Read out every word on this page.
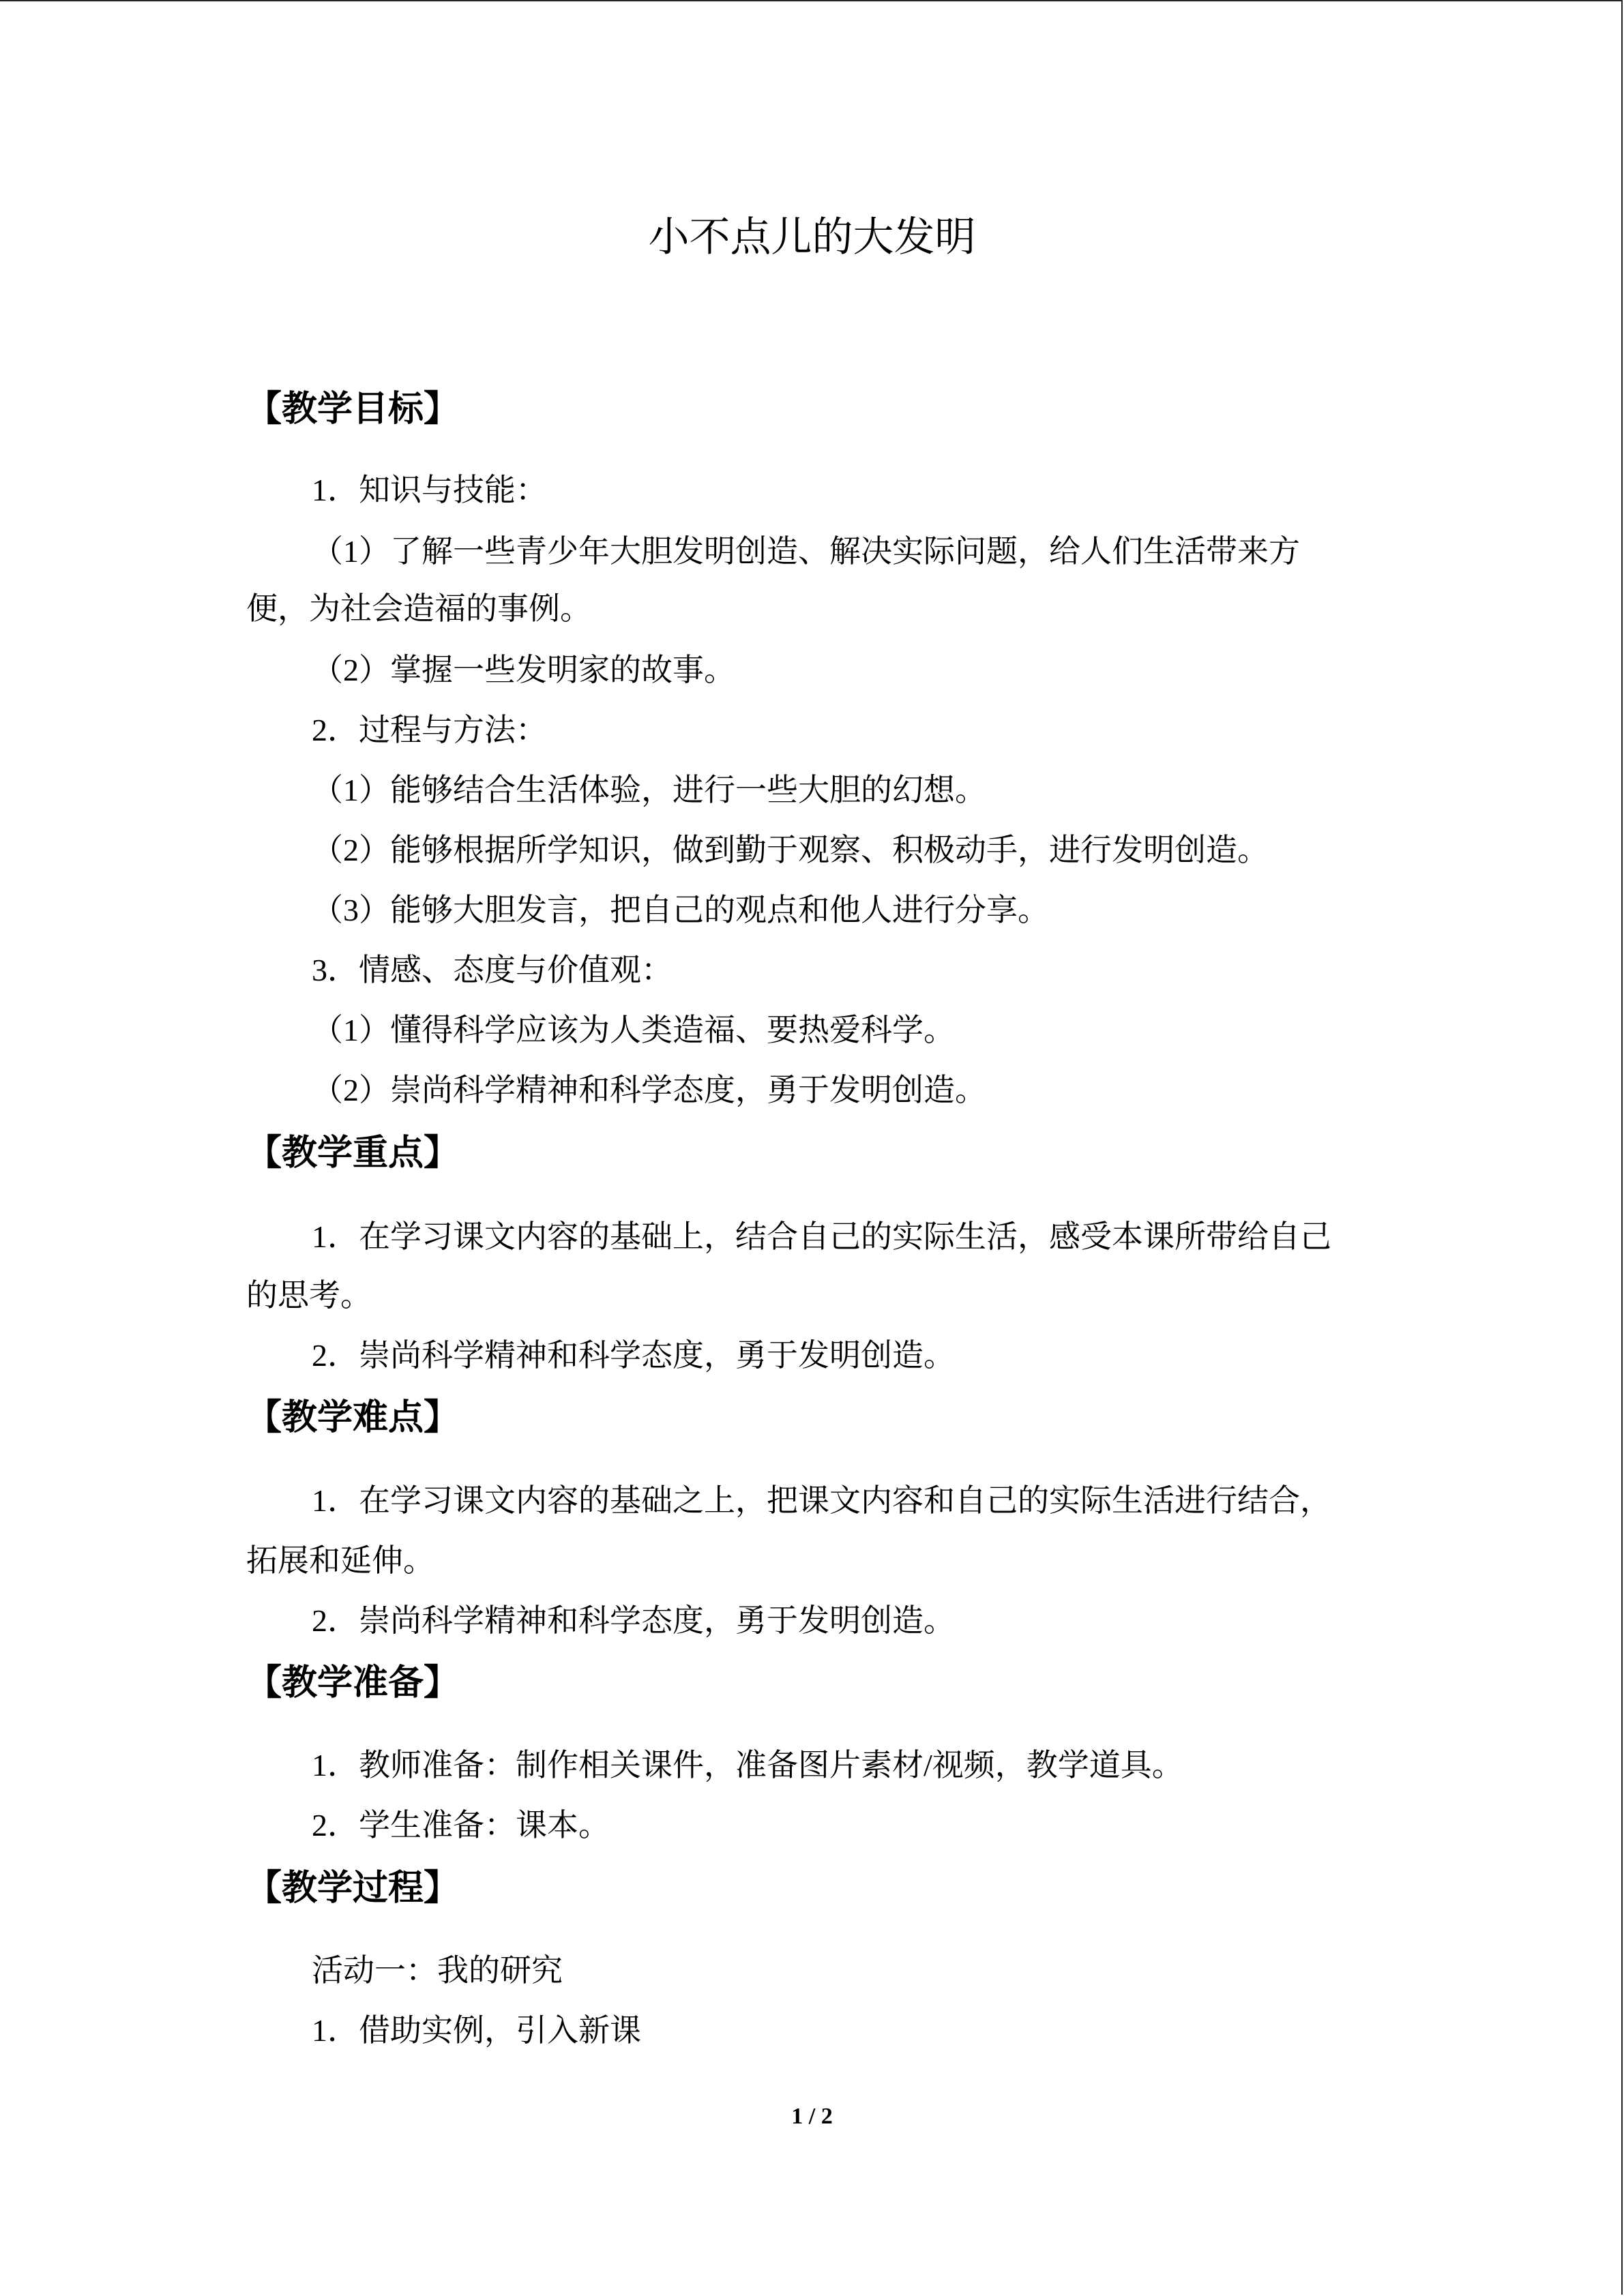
小不点儿的大发明
【教学目标】
1．知识与技能：
（1）了解一些青少年大胆发明创造、解决实际问题，给人们生活带来方
便，为社会造福的事例。
（2）掌握一些发明家的故事。
2．过程与方法：
（1）能够结合生活体验，进行一些大胆的幻想。
（2）能够根据所学知识，做到勤于观察、积极动手，进行发明创造。
（3）能够大胆发言，把自己的观点和他人进行分享。
3．情感、态度与价值观：
（1）懂得科学应该为人类造福、要热爱科学。
（2）崇尚科学精神和科学态度，勇于发明创造。
【教学重点】
1．在学习课文内容的基础上，结合自己的实际生活，感受本课所带给自己
的思考。
2．崇尚科学精神和科学态度，勇于发明创造。
【教学难点】
1．在学习课文内容的基础之上，把课文内容和自己的实际生活进行结合，
拓展和延伸。
2．崇尚科学精神和科学态度，勇于发明创造。
【教学准备】
1．教师准备：制作相关课件，准备图片素材/视频，教学道具。
2．学生准备：课本。
【教学过程】
活动一：我的研究
1．借助实例，引入新课
1 / 2
